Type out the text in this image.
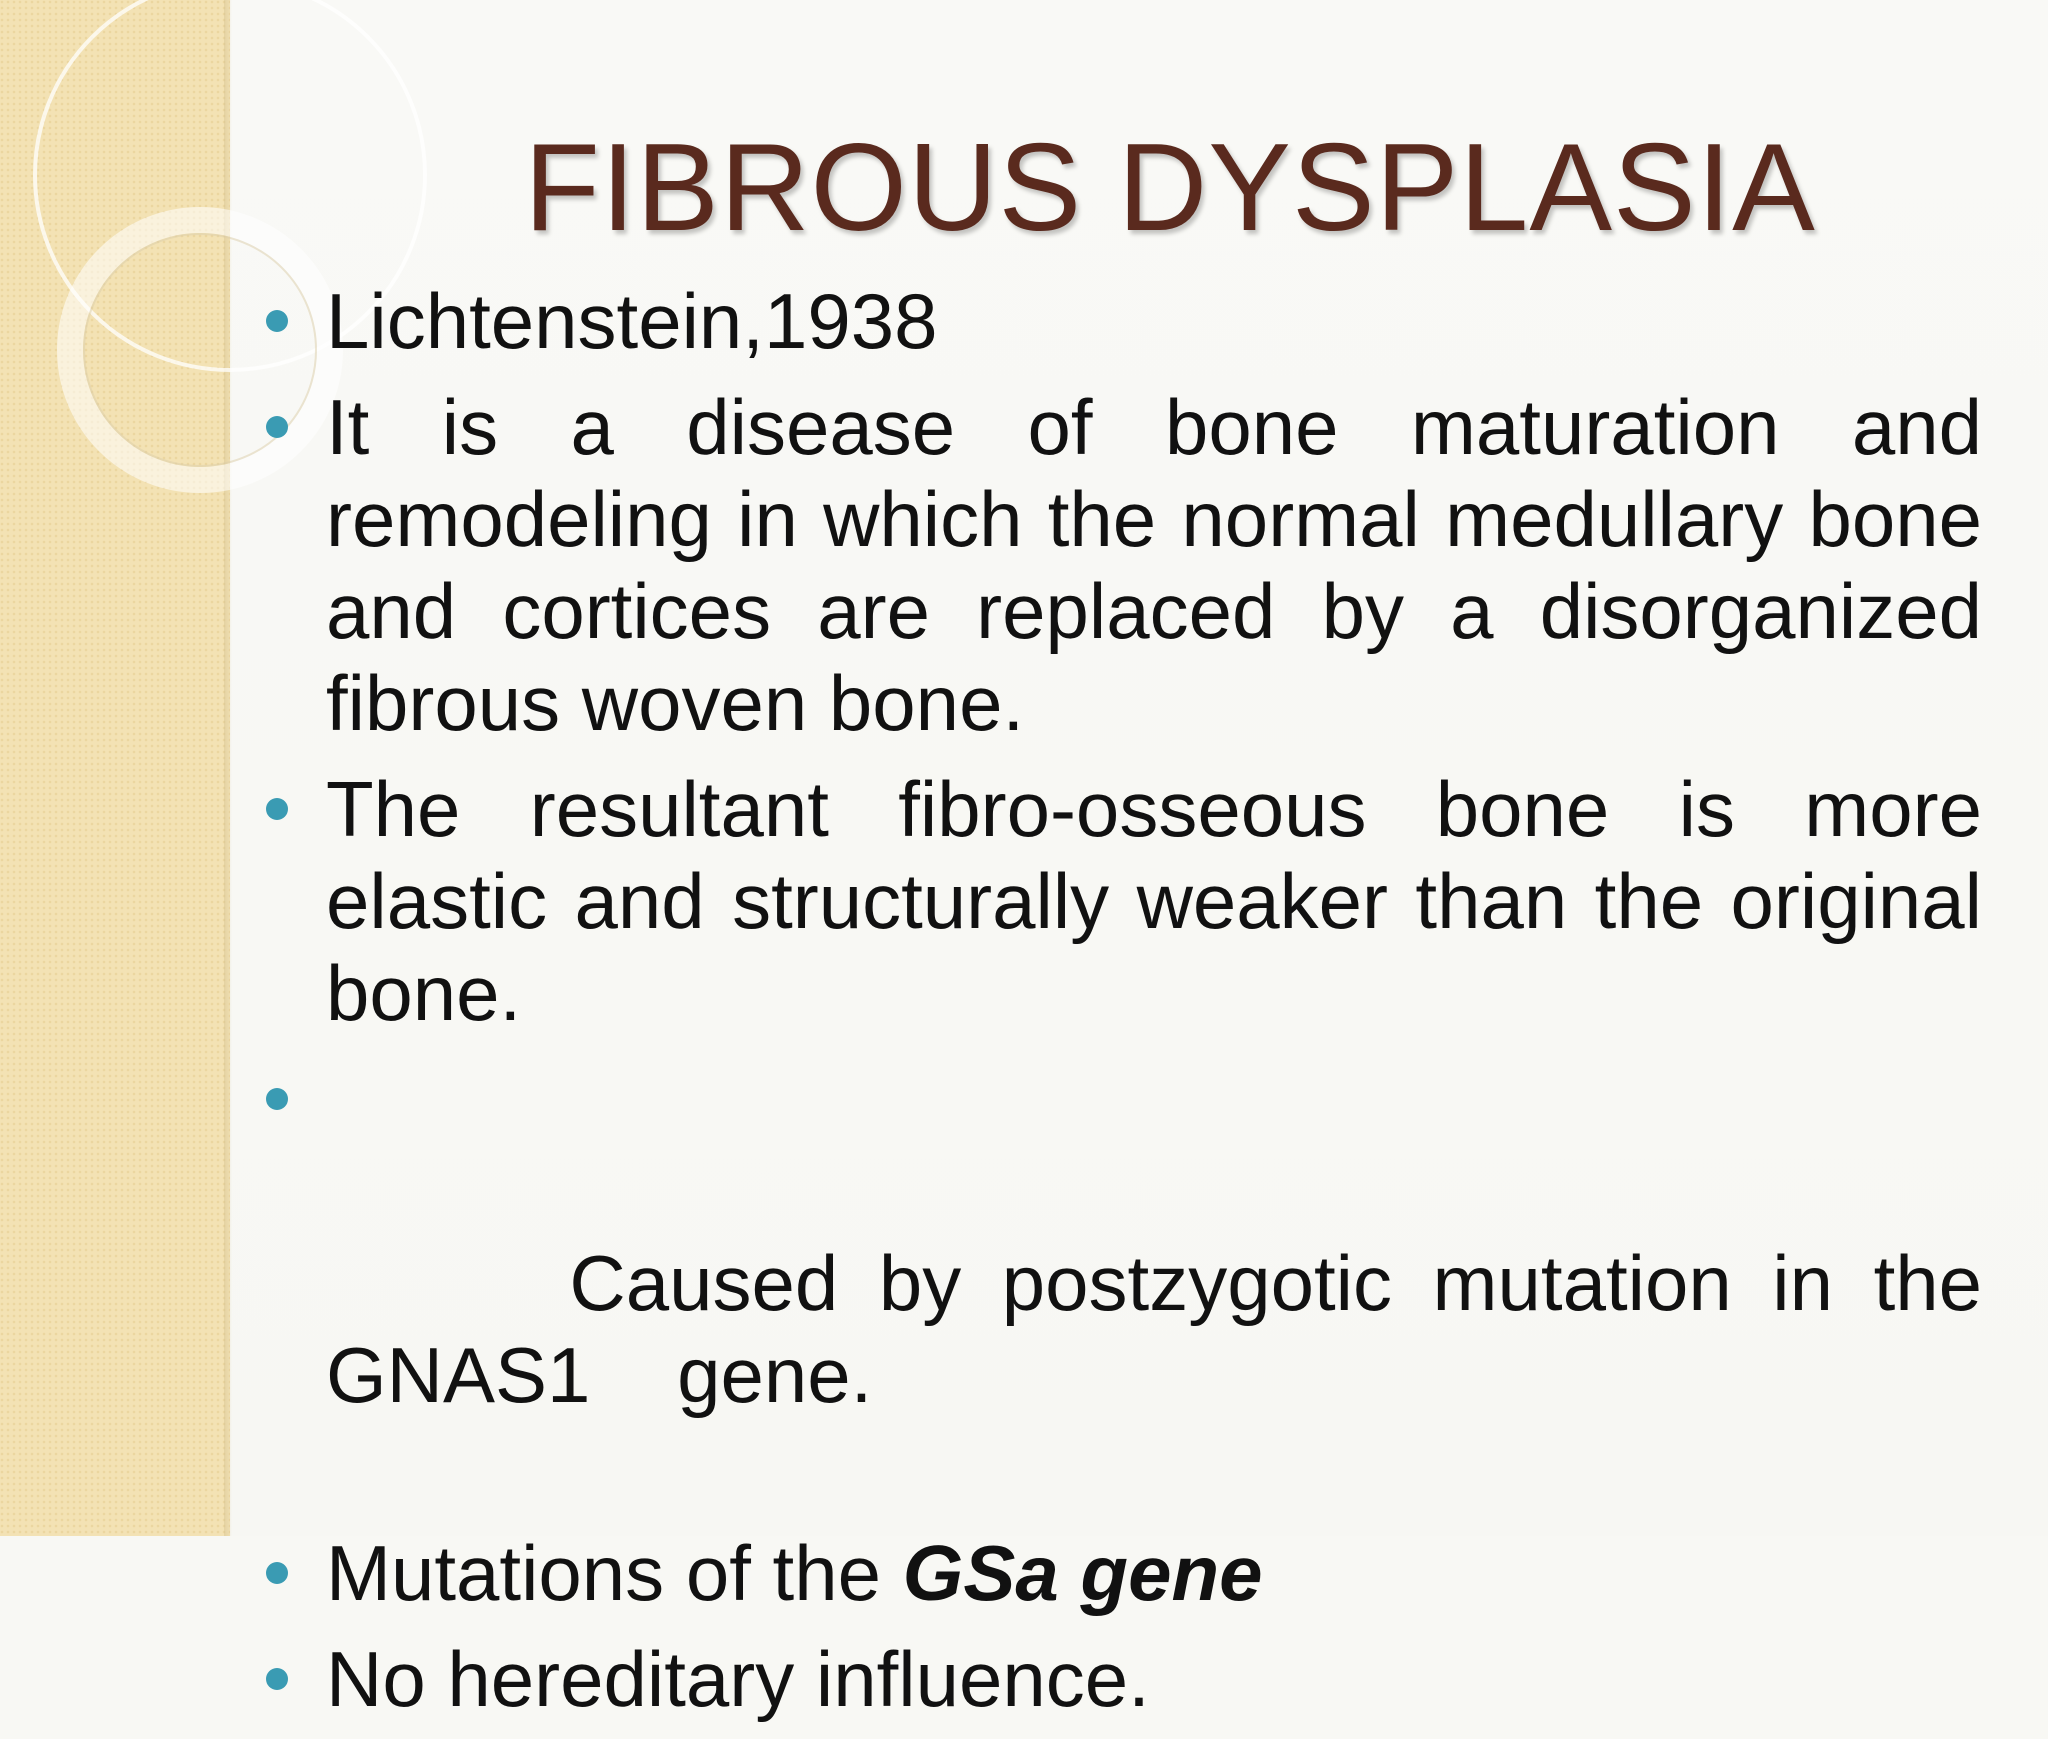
FIBROUS DYSPLASIA
Lichtenstein,1938
It is a disease of bone maturation and remodeling in which the normal medullary bone and cortices are replaced by a disorganized fibrous woven bone.
The resultant fibro-osseous bone is more elastic and structurally weaker than the original bone.

Caused by postzygotic mutation in the GNAS1    gene.

Mutations of the GSa gene
No hereditary influence.
